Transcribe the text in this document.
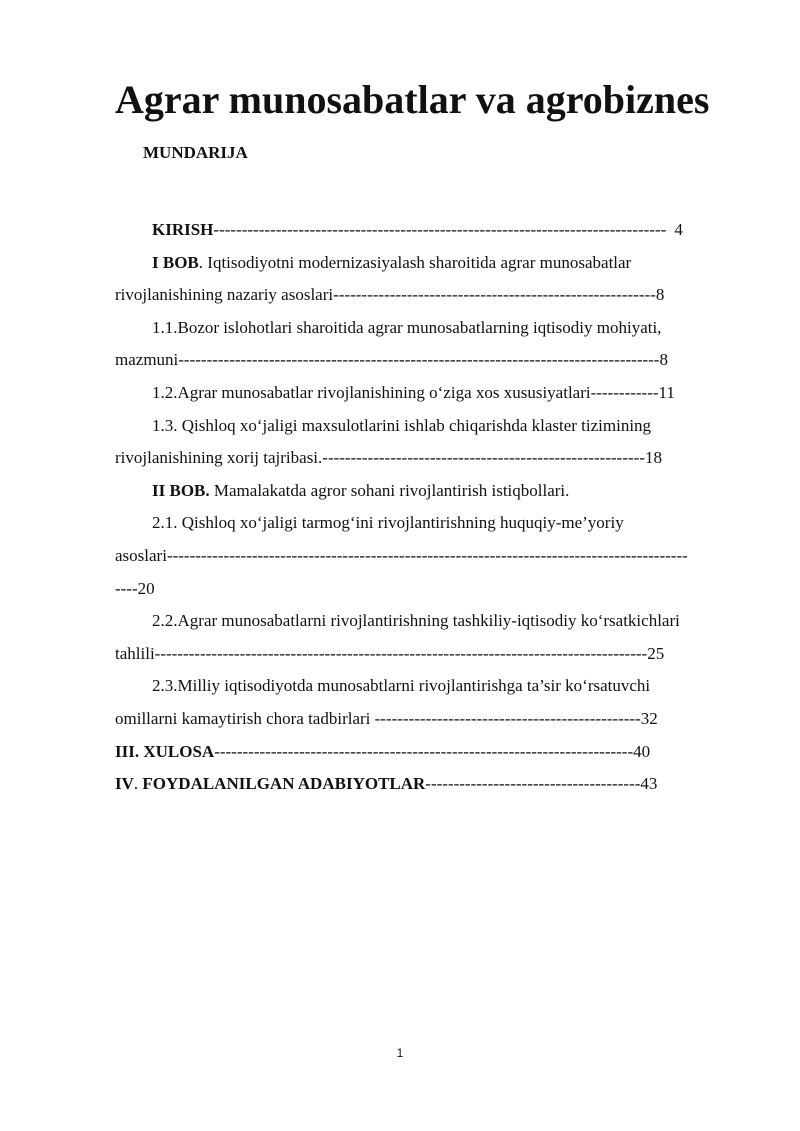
Agrar munosabatlar va agrobiznes
MUNDARIJA

KIRISH-------------------------------------------------------------------------------- 4

I BOB. Iqtisodiyotni modernizasiyalash sharoitida agrar munosabatlar

rivojlanishining nazariy asoslari---------------------------------------------------------8

1.1.Bozor islohotlari sharoitida agrar munosabatlarning iqtisodiy mohiyati,

mazmuni-------------------------------------------------------------------------------------8

1.2.Agrar munosabatlar rivojlanishining o‘ziga xos xususiyatlari------------11

1.3. Qishloq xo‘jaligi maxsulotlarini ishlab chiqarishda klaster tizimining

rivojlanishining xorij tajribasi.---------------------------------------------------------18

II BOB. Mamalakatda agror sohani rivojlantirish istiqbollari.

2.1. Qishloq xo‘jaligi tarmog‘ini rivojlantirishning huquqiy-me’yoriy

asoslari--------------------------------------------------------------------------------------------

----20

2.2.Agrar munosabatlarni rivojlantirishning tashkiliy-iqtisodiy ko‘rsatkichlari

tahlili---------------------------------------------------------------------------------------25

2.3.Milliy iqtisodiyotda munosabtlarni rivojlantirishga ta’sir ko‘rsatuvchi

omillarni kamaytirish chora tadbirlari -----------------------------------------------32

III. XULOSA--------------------------------------------------------------------------40

IV. FOYDALANILGAN ADABIYOTLAR--------------------------------------43

1
